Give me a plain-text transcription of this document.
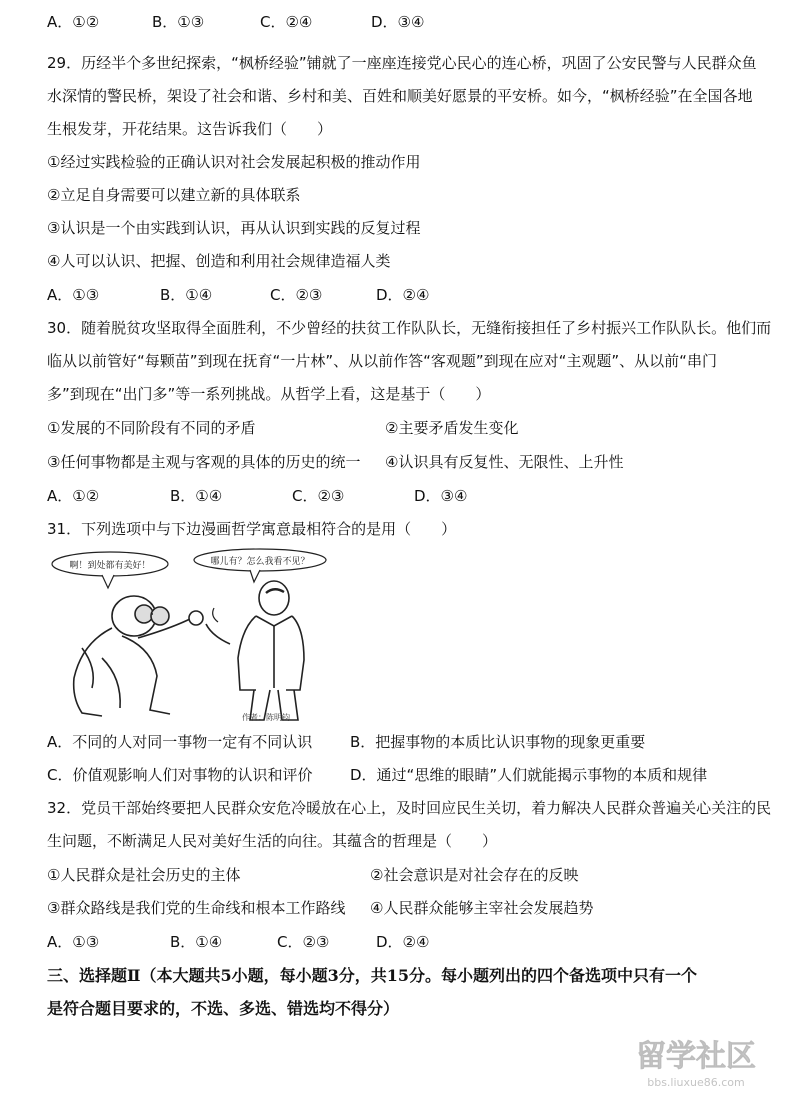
A．①②	B．①③	C．②④	D．③④
29．历经半个多世纪探索，“枫桥经验”铺就了一座座连接党心民心的连心桥，巩固了公安民警与人民群众鱼
水深情的警民桥，架设了社会和谐、乡村和美、百姓和顺美好愿景的平安桥。如今，“枫桥经验”在全国各地
生根发芽，开花结果。这告诉我们（　　）
①经过实践检验的正确认识对社会发展起积极的推动作用
②立足自身需要可以建立新的具体联系
③认识是一个由实践到认识，再从认识到实践的反复过程
④人可以认识、把握、创造和利用社会规律造福人类
A．①③	B．①④	C．②③	D．②④
30．随着脱贫攻坚取得全面胜利，不少曾经的扶贫工作队队长，无缝衔接担任了乡村振兴工作队队长。他们而
临从以前管好“每颗苗”到现在抚育“一片林”、从以前作答“客观题”到现在应对“主观题”、从以前“串门
多”到现在“出门多”等一系列挑战。从哲学上看，这是基于（　　）
①发展的不同阶段有不同的矛盾	②主要矛盾发生变化
③任何事物都是主观与客观的具体的历史的统一 ④认识具有反复性、无限性、上升性
A．①②	B．①④	C．②③	D．③④
31．下列选项中与下边漫画哲学寓意最相符合的是用（　　）
啊！到处都有美好！	哪儿有？怎么我看不见？
作者：陈明钧
A．不同的人对同一事物一定有不同认识	B．把握事物的本质比认识事物的现象更重要
C．价值观影响人们对事物的认识和评价	D．通过“思维的眼睛”人们就能揭示事物的本质和规律
32．党员干部始终要把人民群众安危冷暖放在心上，及时回应民生关切，着力解决人民群众普遍关心关注的民
生问题，不断满足人民对美好生活的向往。其蕴含的哲理是（　　）
①人民群众是社会历史的主体	②社会意识是对社会存在的反映
③群众路线是我们党的生命线和根本工作路线 ④人民群众能够主宰社会发展趋势
A．①③	B．①④	C．②③	D．②④
三、选择题Ⅱ（本大题共5小题，每小题3分，共15分。每小题列出的四个备选项中只有一个
是符合题目要求的，不选、多选、错选均不得分）
留学社区
bbs.liuxue86.com
